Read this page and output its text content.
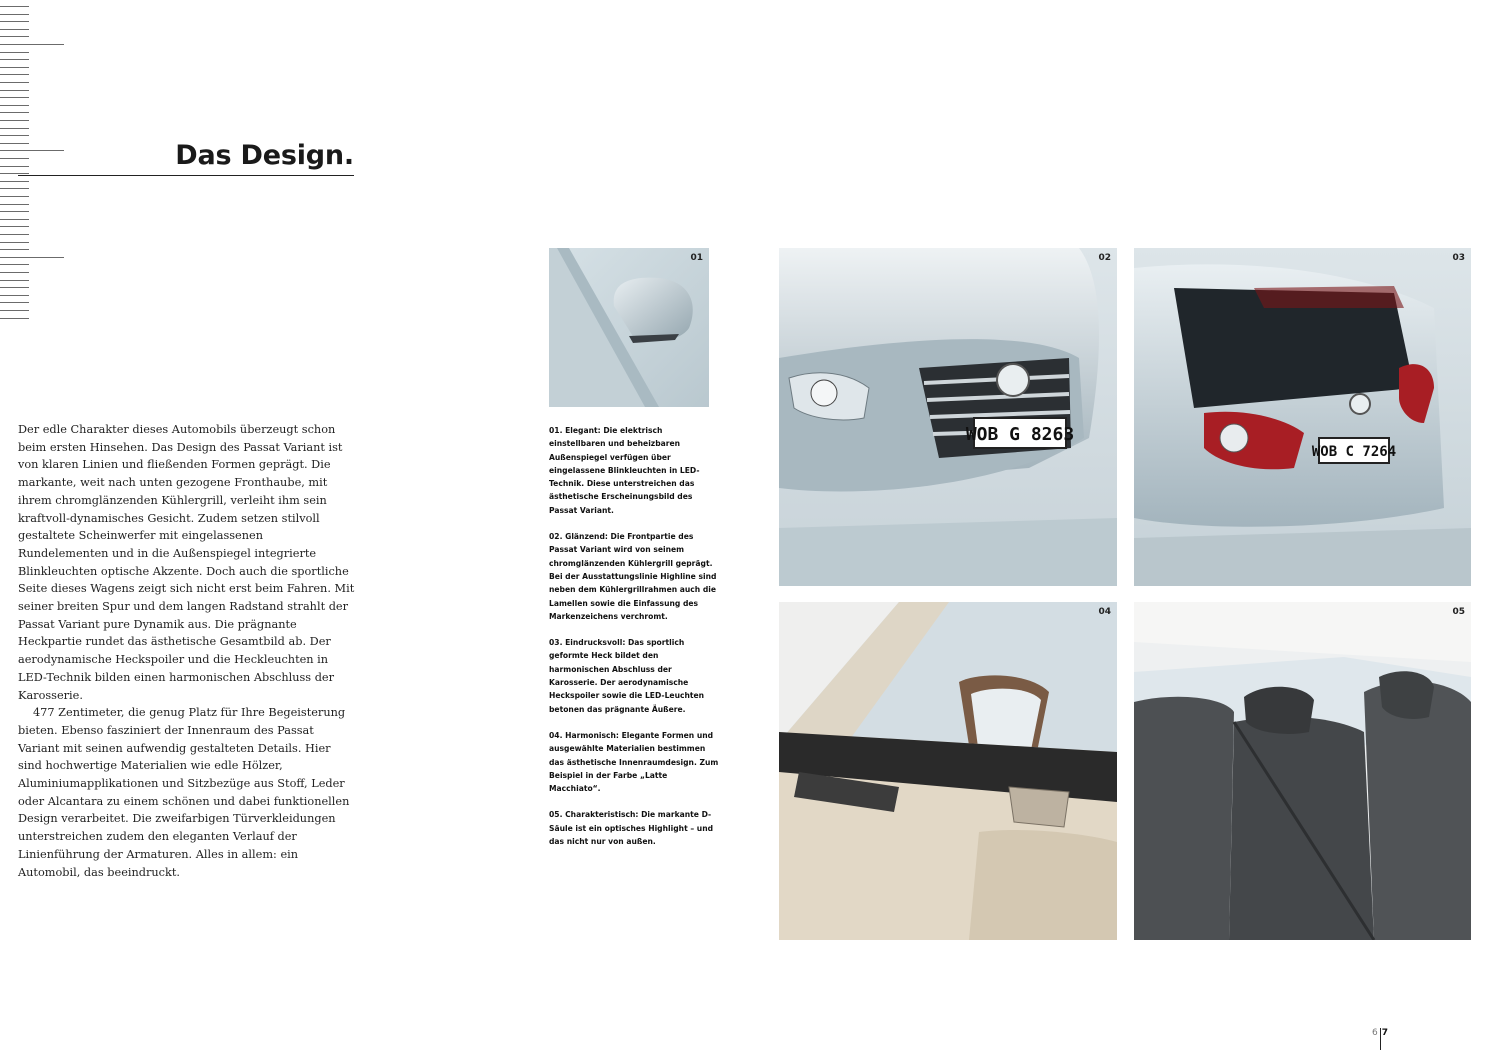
Das Design.

Der edle Charakter dieses Automobils überzeugt schon beim ersten Hinsehen. Das Design des Passat Variant ist von klaren Linien und fließenden Formen geprägt. Die markante, weit nach unten gezogene Fronthaube, mit ihrem chromglänzenden Kühlergrill, verleiht ihm sein kraftvoll-dynamisches Gesicht. Zudem setzen stilvoll gestaltete Scheinwerfer mit eingelassenen Rundelementen und in die Außenspiegel integrierte Blinkleuchten optische Akzente. Doch auch die sportliche Seite dieses Wagens zeigt sich nicht erst beim Fahren. Mit seiner breiten Spur und dem langen Radstand strahlt der Passat Variant pure Dynamik aus. Die prägnante Heckpartie rundet das ästhetische Gesamtbild ab. Der aerodynamische Heckspoiler und die Heckleuchten in LED-Technik bilden einen harmonischen Abschluss der Karosserie.

477 Zentimeter, die genug Platz für Ihre Begeisterung bieten. Ebenso fasziniert der Innenraum des Passat Variant mit seinen aufwendig gestalteten Details. Hier sind hochwertige Materialien wie edle Hölzer, Aluminiumapplikationen und Sitzbezüge aus Stoff, Leder oder Alcantara zu einem schönen und dabei funktionellen Design verarbeitet. Die zweifarbigen Türverkleidungen unterstreichen zudem den eleganten Verlauf der Linienführung der Armaturen. Alles in allem: ein Automobil, das beeindruckt.

01
WOB G 8263
02
WOB C 7264
03
04	05

01. Elegant: Die elektrisch einstellbaren und beheizbaren Außenspiegel verfügen über eingelassene Blinkleuchten in LED-Technik. Diese unterstreichen das ästhetische Erscheinungsbild des Passat Variant.

02. Glänzend: Die Frontpartie des Passat Variant wird von seinem chromglänzenden Kühlergrill geprägt. Bei der Ausstattungslinie Highline sind neben dem Kühlergrillrahmen auch die Lamellen sowie die Einfassung des Markenzeichens verchromt.

03. Eindrucksvoll: Das sportlich geformte Heck bildet den harmonischen Abschluss der Karosserie. Der aerodynamische Heckspoiler sowie die LED-Leuchten betonen das prägnante Äußere.

04. Harmonisch: Elegante Formen und ausgewählte Materialien bestimmen das ästhetische Innenraumdesign. Zum Beispiel in der Farbe „Latte Macchiato“.

05. Charakteristisch: Die markante D-Säule ist ein optisches Highlight – und das nicht nur von außen.

6 7
